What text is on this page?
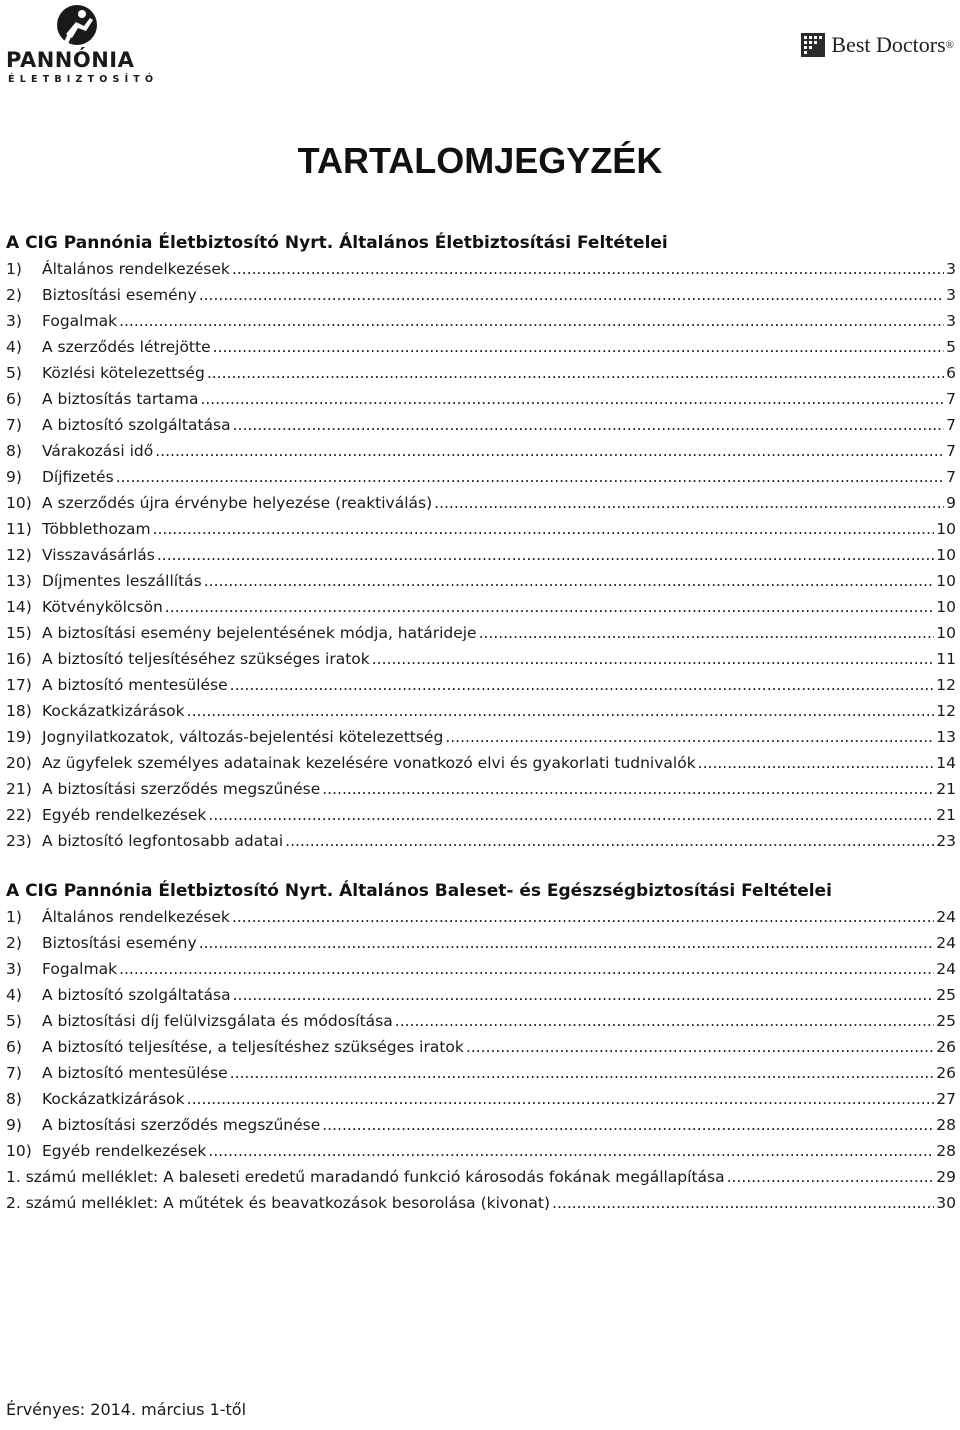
PANNÓNIA
ÉLETBIZTOSÍTÓ
Best Doctors ®
TARTALOMJEGYZÉK
A CIG Pannónia Életbiztosító Nyrt. Általános Életbiztosítási Feltételei
1)	Általános rendelkezések .....	3
2)	Biztosítási esemény .....	3
3)	Fogalmak .....	3
4)	A szerződés létrejötte .....	5
5)	Közlési kötelezettség .....	6
6)	A biztosítás tartama .....	7
7)	A biztosító szolgáltatása .....	7
8)	Várakozási idő .....	7
9)	Díjfizetés .....	7
10) A szerződés újra érvénybe helyezése (reaktiválás) .....	9
11) Többlethozam .....	10
12) Visszavásárlás .....	10
13) Díjmentes leszállítás .....	10
14) Kötvénykölcsön .....	10
15) A biztosítási esemény bejelentésének módja, határideje .....	10
16) A biztosító teljesítéséhez szükséges iratok .....	11
17) A biztosító mentesülése .....	12
18) Kockázatkizárások .....	12
19) Jognyilatkozatok, változás-bejelentési kötelezettség .....	13
20) Az ügyfelek személyes adatainak kezelésére vonatkozó elvi és gyakorlati tudnivalók .....	14
21) A biztosítási szerződés megszűnése .....	21
22) Egyéb rendelkezések .....	21
23) A biztosító legfontosabb adatai .....	23
A CIG Pannónia Életbiztosító Nyrt. Általános Baleset- és Egészségbiztosítási Feltételei
1)	Általános rendelkezések .....	24
2)	Biztosítási esemény .....	24
3)	Fogalmak .....	24
4)	A biztosító szolgáltatása .....	25
5)	A biztosítási díj felülvizsgálata és módosítása .....	25
6)	A biztosító teljesítése, a teljesítéshez szükséges iratok .....	26
7)	A biztosító mentesülése .....	26
8)	Kockázatkizárások .....	27
9)	A biztosítási szerződés megszűnése .....	28
10) Egyéb rendelkezések .....	28
1. számú melléklet: A baleseti eredetű maradandó funkció károsodás fokának megállapítása .....	29
2. számú melléklet: A műtétek és beavatkozások besorolása (kivonat) .....	30
Érvényes: 2014. március 1-től
